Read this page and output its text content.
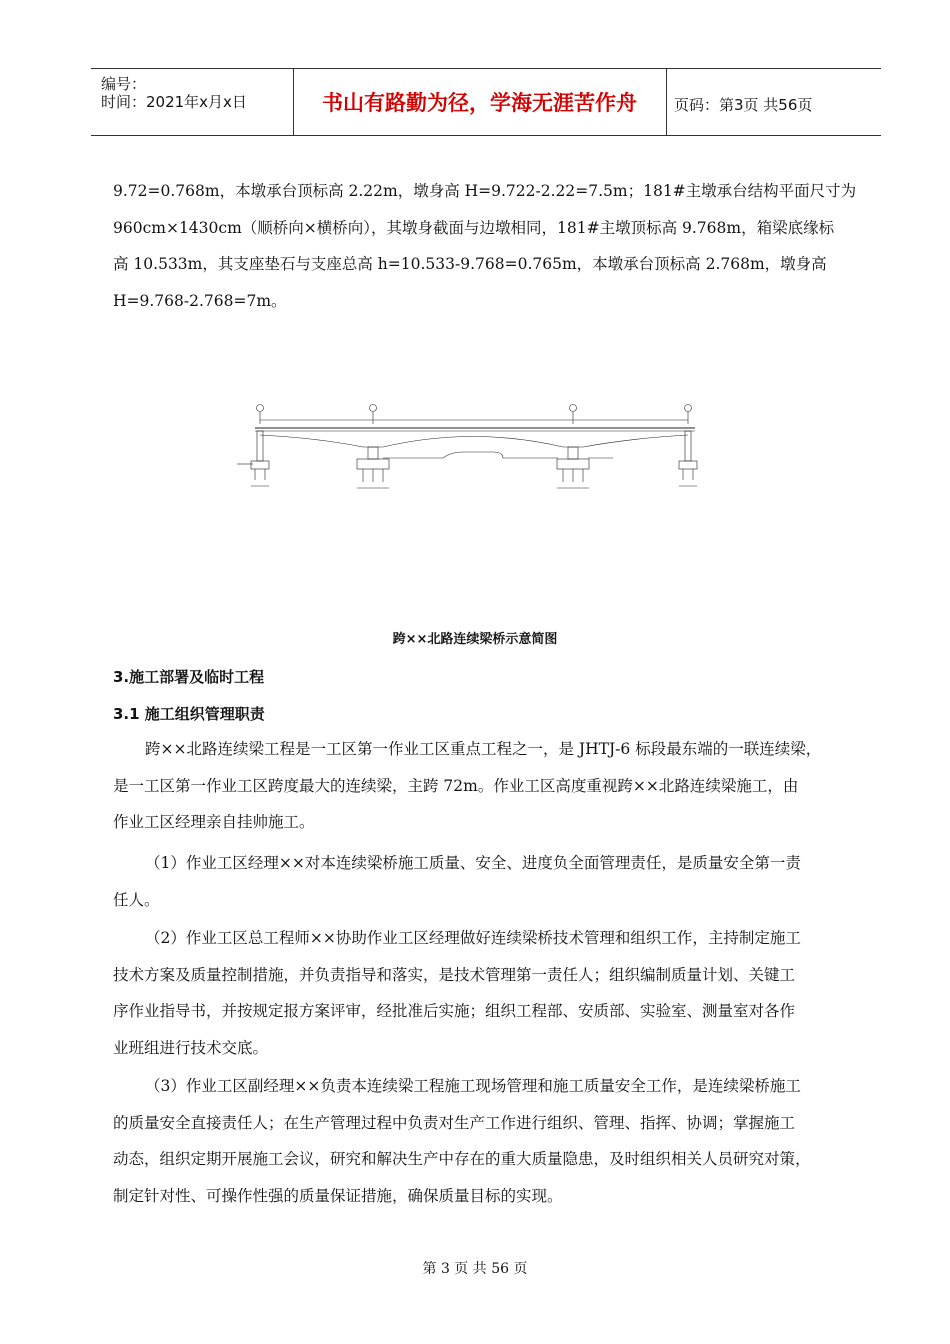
编号：
时间：2021年x月x日	书山有路勤为径，学海无涯苦作舟 页码：第3页 共56页
9.72=0.768m，本墩承台顶标高 2.22m，墩身高 H=9.722-2.22=7.5m；181#主墩承台结构平面尺寸为
960cm×1430cm（顺桥向×横桥向），其墩身截面与边墩相同，181#主墩顶标高 9.768m，箱梁底缘标
高 10.533m，其支座垫石与支座总高 h=10.533-9.768=0.765m，本墩承台顶标高 2.768m，墩身高
H=9.768-2.768=7m。
跨××北路连续梁桥示意简图
3.施工部署及临时工程
3.1 施工组织管理职责
跨××北路连续梁工程是一工区第一作业工区重点工程之一，是 JHTJ-6 标段最东端的一联连续梁，
是一工区第一作业工区跨度最大的连续梁，主跨 72m。作业工区高度重视跨××北路连续梁施工，由
作业工区经理亲自挂帅施工。
（1）作业工区经理××对本连续梁桥施工质量、安全、进度负全面管理责任，是质量安全第一责
任人。
（2）作业工区总工程师××协助作业工区经理做好连续梁桥技术管理和组织工作，主持制定施工
技术方案及质量控制措施，并负责指导和落实，是技术管理第一责任人；组织编制质量计划、关键工
序作业指导书，并按规定报方案评审，经批准后实施；组织工程部、安质部、实验室、测量室对各作
业班组进行技术交底。
（3）作业工区副经理××负责本连续梁工程施工现场管理和施工质量安全工作，是连续梁桥施工
的质量安全直接责任人；在生产管理过程中负责对生产工作进行组织、管理、指挥、协调；掌握施工
动态，组织定期开展施工会议，研究和解决生产中存在的重大质量隐患，及时组织相关人员研究对策，
制定针对性、可操作性强的质量保证措施，确保质量目标的实现。
第 3 页 共 56 页
